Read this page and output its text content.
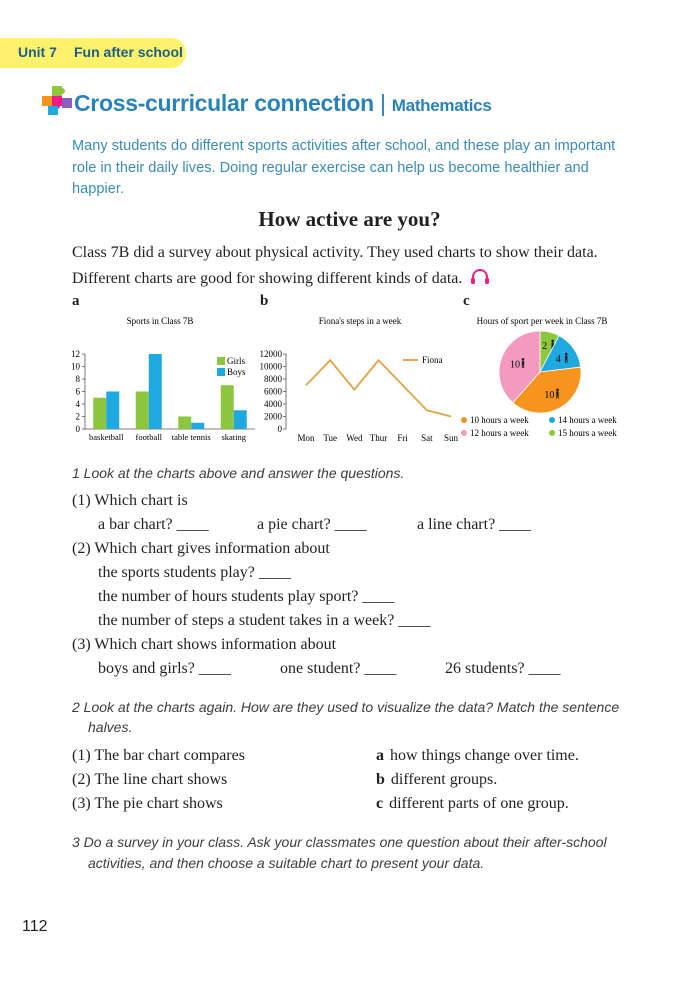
Unit 7 Fun after school
Cross-curricular connection | Mathematics
Many students do different sports activities after school, and these play an important role in their daily lives. Doing regular exercise can help us become healthier and happier.
How active are you?
Class 7B did a survey about physical activity. They used charts to show their data.
Different charts are good for showing different kinds of data.
a	b	c
Sports in Class 7B
0
2
4
6
8
10
12
basketball football table tennis skating
Girls
Boys
Fiona's steps in a week
0
2000
4000
6000
8000
10000
12000
Mon Tue Wed Thur Fri Sat Sun
Fiona
Hours of sport per week in Class 7B
2
4
10
10
10 hours a week	14 hours a week
12 hours a week	15 hours a week
1 Look at the charts above and answer the questions.
(1) Which chart is
a bar chart? ____	a pie chart? ____	a line chart? ____
(2) Which chart gives information about
the sports students play? ____
the number of hours students play sport? ____
the number of steps a student takes in a week? ____
(3) Which chart shows information about
boys and girls? ____	one student? ____	26 students? ____
2 Look at the charts again. How are they used to visualize the data? Match the sentence
halves.
(1) The bar chart compares
(2) The line chart shows
(3) The pie chart shows
a how things change over time.
b different groups.
c different parts of one group.
3 Do a survey in your class. Ask your classmates one question about their after-school
activities, and then choose a suitable chart to present your data.
112
